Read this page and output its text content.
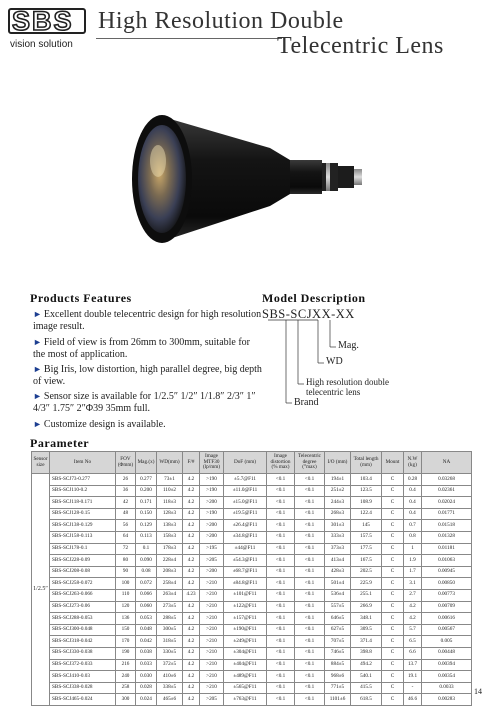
SBS
vision solution
High Resolution Double
Telecentric Lens
Products Features
► Excellent double telecentric design for high resolution image result.
► Field of view is from 26mm to 300mm, suitable for the most of application.
► Big Iris, low distortion, high parallel degree, big depth of view.
► Sensor size is available for 1/2.5″ 1/2″ 1/1.8″ 2/3″ 1″ 4/3″ 1.75″ 2″Φ39 35mm full.
► Customize design is available.
Model Description
SBS-SCJXX-XX
Mag.
WD
High resolution double telecentric lens
Brand
Parameter
Sensor size	Item No	FOV (Φmm)	Mag.(x)	WD(mm)	F/#	Image MTF30 (lp/mm)	DoF (mm)	Image distortion (% max)	Telecentric degree (°max)	I/O (mm)	Total length (mm)	Mount	N.W (kg)	NA
1/2.5″	SBS-SCJ73-0.277	26	0.277	73±1	4.2	>190	±5.7@F11	<0.1	<0.1	194±1	103.4	C	0.28	0.03268
	SBS-SCJ110-0.2	36	0.200	110±2	4.2	>190	±11.0@F11	<0.1	<0.1	251±2	123.5	C	0.4	0.02361
	SBS-SCJ118-0.171	42	0.171	118±3	4.2	>200	±15.0@F11	<0.1	<0.1	244±3	108.9	C	0.4	0.02024
	SBS-SCJ128-0.15	48	0.150	128±3	4.2	>190	±19.5@F11	<0.1	<0.1	268±3	122.4	C	0.4	0.01771
	SBS-SCJ138-0.129	56	0.129	138±3	4.2	>200	±26.4@F11	<0.1	<0.1	301±3	145	C	0.7	0.01518
	SBS-SCJ158-0.113	64	0.113	158±3	4.2	>200	±34.8@F11	<0.1	<0.1	333±3	157.5	C	0.8	0.01328
	SBS-SCJ178-0.1	72	0.1	178±3	4.2	>195	±44@F11	<0.1	<0.1	373±3	177.5	C	1	0.01181
	SBS-SCJ228-0.09	80	0.090	228±4	4.2	>205	±54.3@F11	<0.1	<0.1	413±4	167.5	C	1.9	0.01063
	SBS-SCJ208-0.08	90	0.08	208±3	4.2	>200	±68.7@F11	<0.1	<0.1	428±3	202.5	C	1.7	0.00945
	SBS-SCJ258-0.072	100	0.072	258±4	4.2	>210	±84.8@F11	<0.1	<0.1	501±4	225.9	C	3.1	0.00850
	SBS-SCJ263-0.066	110	0.066	263±4	4.23	>210	±101@F11	<0.1	<0.1	536±4	255.1	C	2.7	0.00773
	SBS-SCJ273-0.06	120	0.060	273±5	4.2	>210	±122@F11	<0.1	<0.1	557±5	266.9	C	4.2	0.00709
	SBS-SCJ288-0.053	136	0.053	288±5	4.2	>210	±157@F11	<0.1	<0.1	646±5	348.1	C	4.2	0.00616
	SBS-SCJ300-0.048	150	0.048	300±5	4.2	>210	±190@F11	<0.1	<0.1	627±5	309.5	C	5.7	0.00567
	SBS-SCJ318-0.042	170	0.042	318±5	4.2	>210	±249@F11	<0.1	<0.1	707±5	371.4	C	6.5	0.005
	SBS-SCJ330-0.038	190	0.038	330±5	4.2	>210	±304@F11	<0.1	<0.1	746±5	398.8	C	6.6	0.00448
	SBS-SCJ372-0.033	216	0.033	372±5	4.2	>210	±404@F11	<0.1	<0.1	884±5	494.2	C	13.7	0.00394
	SBS-SCJ410-0.03	240	0.030	410±6	4.2	>210	±489@F11	<0.1	<0.1	968±6	540.1	C	19.1	0.00354
	SBS-SCJ338-0.028	258	0.028	338±5	4.2	>210	±565@F11	<0.1	<0.1	771±5	415.5	C	-	0.0033
	SBS-SCJ465-0.024	300	0.024	465±6	4.2	>205	±763@F11	<0.1	<0.1	1101±6	618.5	C	46.6	0.00283
14
